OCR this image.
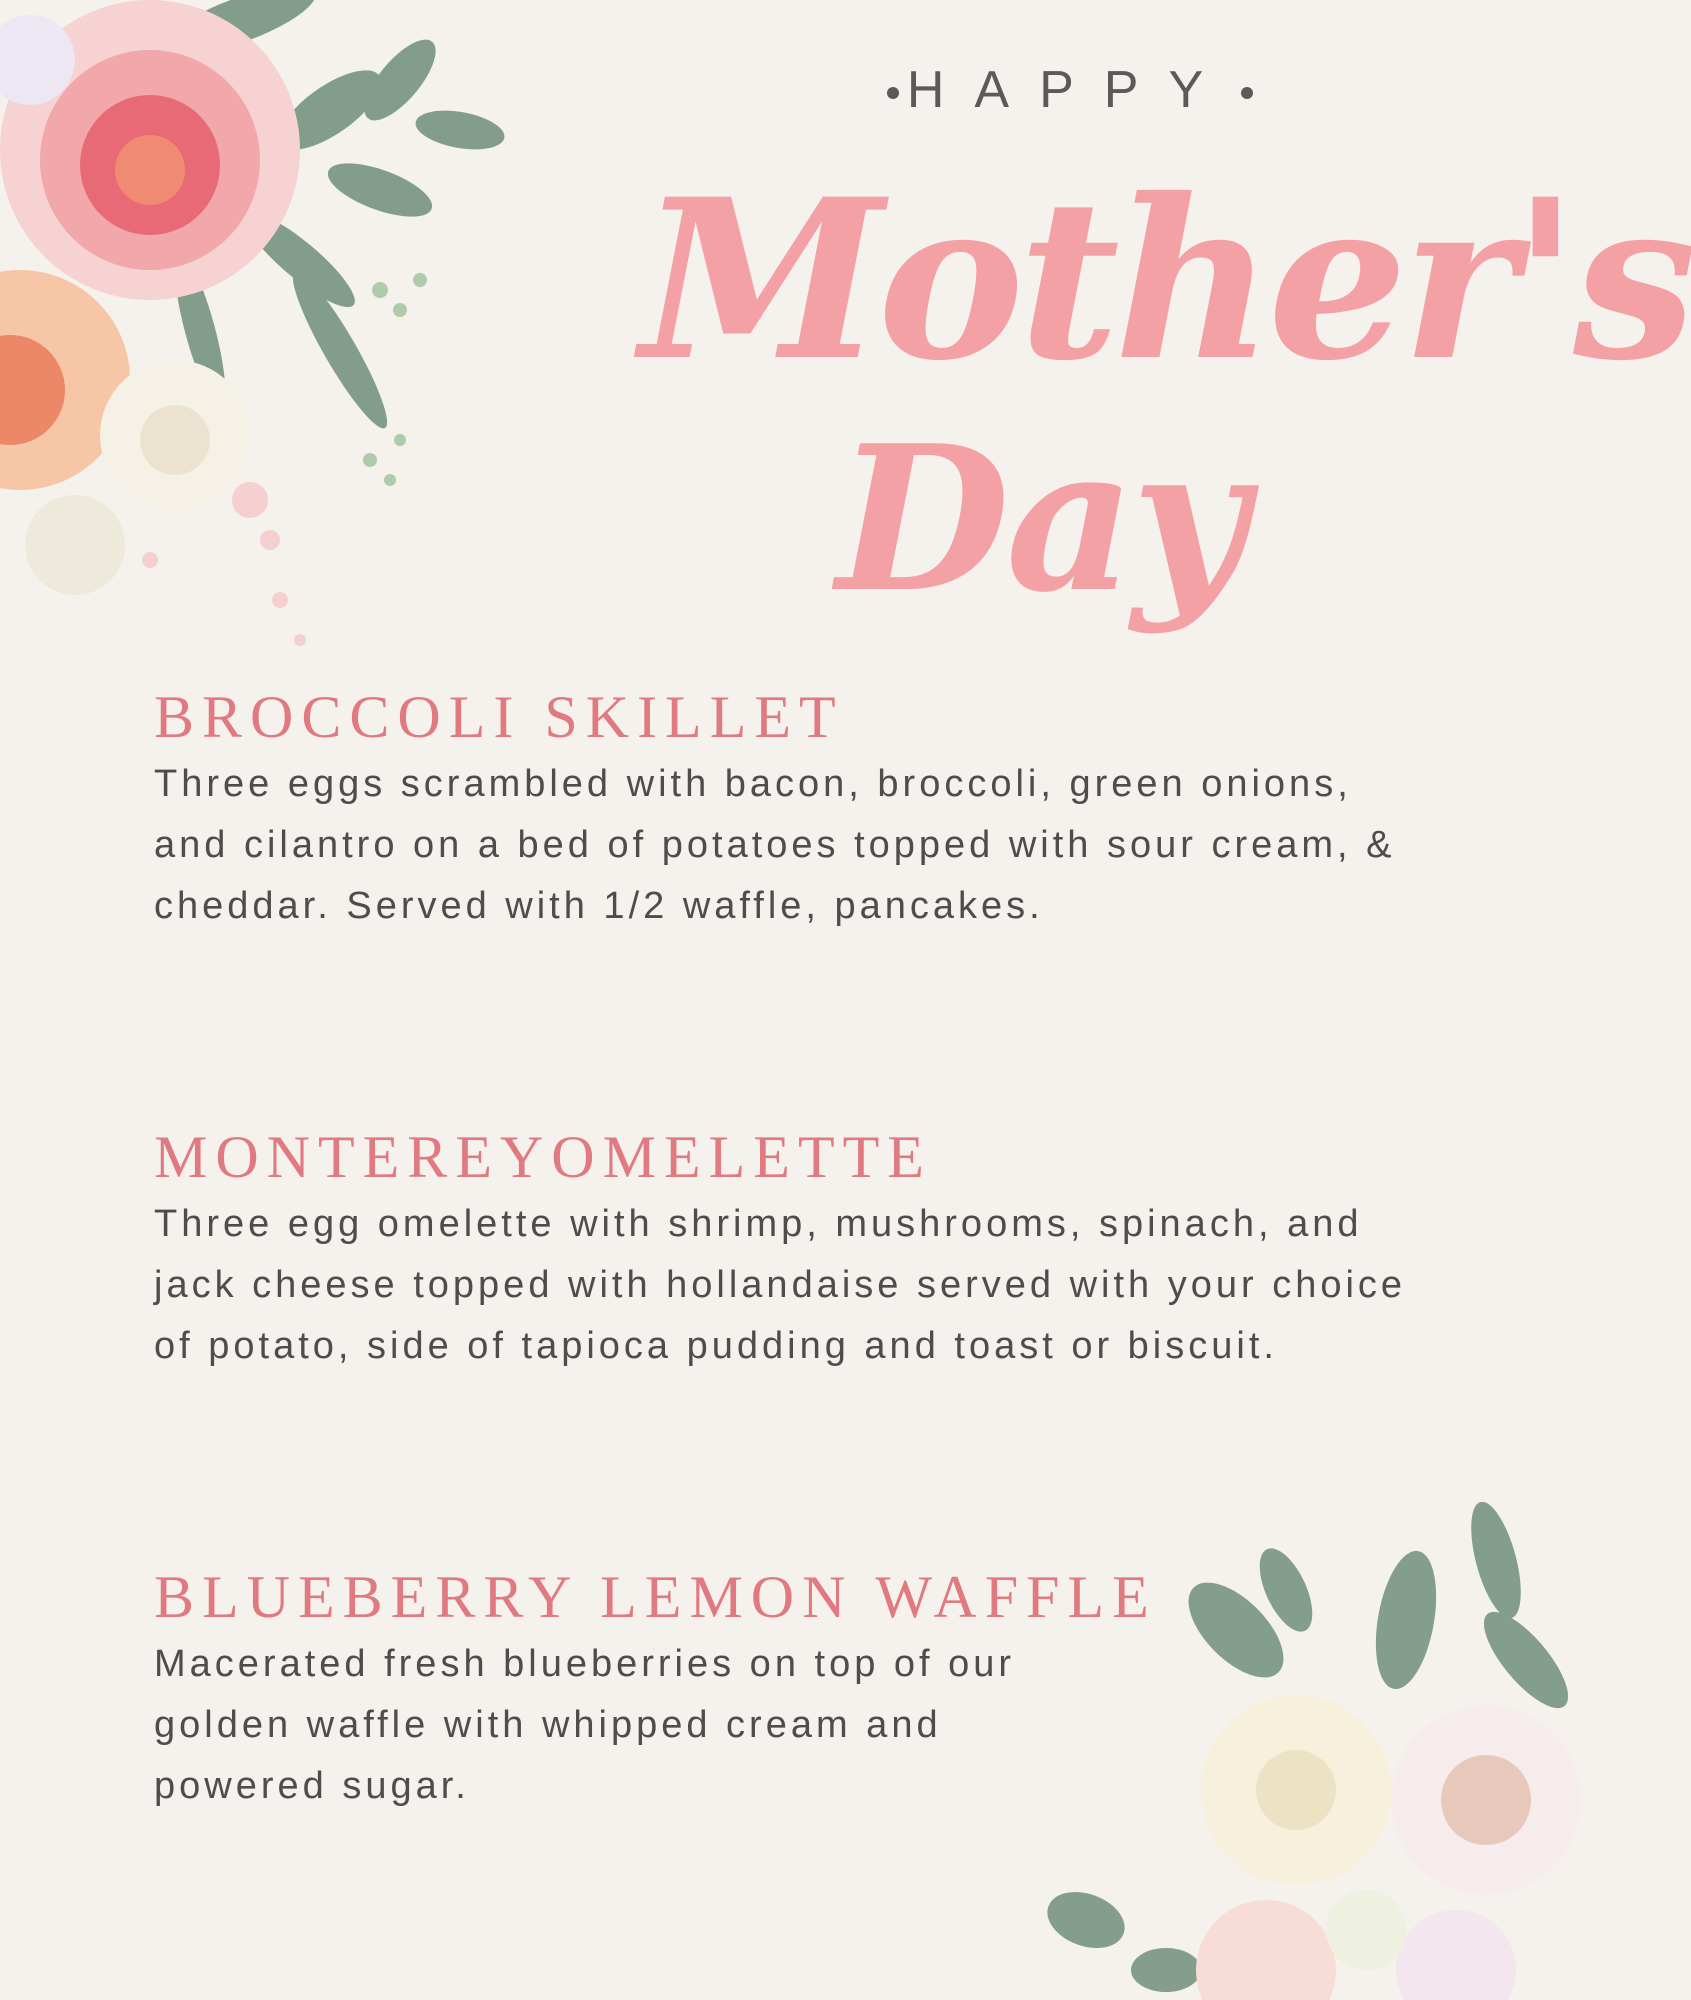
HAPPY
Mother's
Day
BROCCOLI SKILLET

Three eggs scrambled with bacon, broccoli, green onions, and cilantro on a bed of potatoes topped with sour cream, & cheddar. Served with 1/2 waffle, pancakes.

MONTEREYOMELETTE

Three egg omelette with shrimp, mushrooms, spinach, and jack cheese topped with hollandaise served with your choice of potato, side of tapioca pudding and toast or biscuit.

BLUEBERRY LEMON WAFFLE

Macerated fresh blueberries on top of our golden waffle with whipped cream and powered sugar.
